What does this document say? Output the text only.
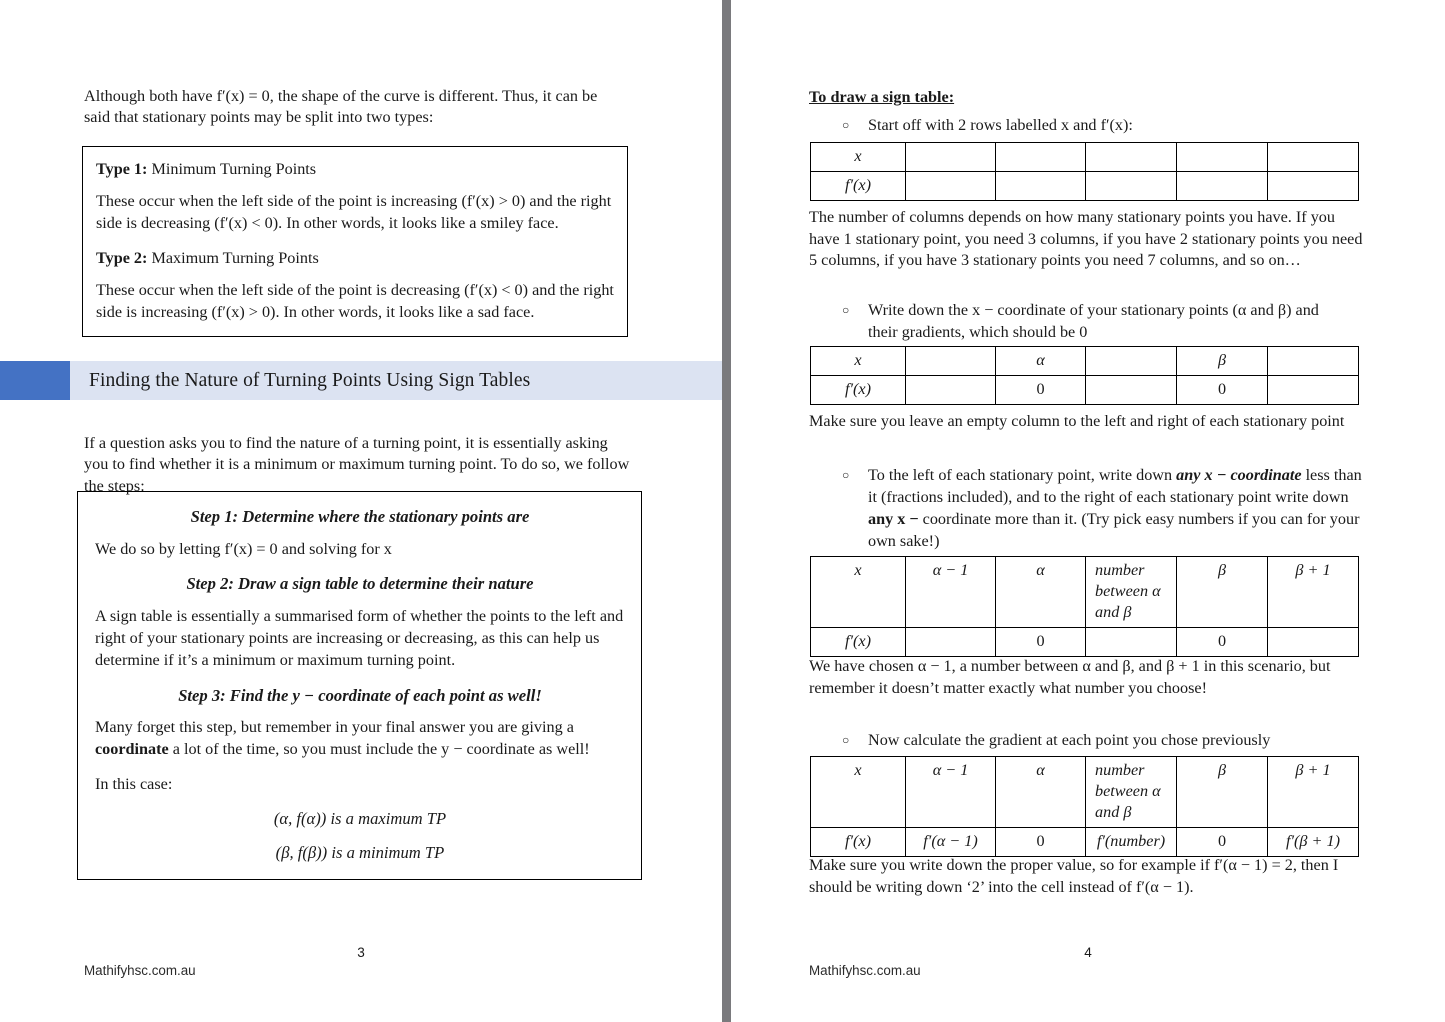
Although both have f′(x) = 0, the shape of the curve is different. Thus, it can be said that stationary points may be split into two types:

Type 1: Minimum Turning Points

These occur when the left side of the point is increasing (f′(x) > 0) and the right side is decreasing (f′(x) < 0). In other words, it looks like a smiley face.

Type 2: Maximum Turning Points

These occur when the left side of the point is decreasing (f′(x) < 0) and the right side is increasing (f′(x) > 0). In other words, it looks like a sad face.

Finding the Nature of Turning Points Using Sign Tables

If a question asks you to find the nature of a turning point, it is essentially asking you to find whether it is a minimum or maximum turning point. To do so, we follow the steps:

Step 1: Determine where the stationary points are

We do so by letting f′(x) = 0 and solving for x

Step 2: Draw a sign table to determine their nature

A sign table is essentially a summarised form of whether the points to the left and right of your stationary points are increasing or decreasing, as this can help us determine if it’s a minimum or maximum turning point.

Step 3: Find the y − coordinate of each point as well!

Many forget this step, but remember in your final answer you are giving a coordinate a lot of the time, so you must include the y − coordinate as well!

In this case:

(α, f(α)) is a maximum TP

(β, f(β)) is a minimum TP

3
Mathifyhsc.com.au
To draw a sign table:
○	Start off with 2 rows labelled x and f′(x):
x					
f′(x)					

The number of columns depends on how many stationary points you have. If you have 1 stationary point, you need 3 columns, if you have 2 stationary points you need 5 columns, if you have 3 stationary points you need 7 columns, and so on…

○	Write down the x − coordinate of your stationary points (α and β) and their gradients, which should be 0
x		α		β	
f′(x)		0		0	

Make sure you leave an empty column to the left and right of each stationary point

○	To the left of each stationary point, write down any x − coordinate less than it (fractions included), and to the right of each stationary point write down any x − coordinate more than it. (Try pick easy numbers if you can for your own sake!)
x	α − 1	α	number between α and β	β	β + 1
f′(x)		0		0	

We have chosen α − 1, a number between α and β, and β + 1 in this scenario, but remember it doesn’t matter exactly what number you choose!

○	Now calculate the gradient at each point you chose previously
x	α − 1	α	number between α and β	β	β + 1
f′(x)	f′(α − 1)	0	f′(number)	0	f′(β + 1)

Make sure you write down the proper value, so for example if f′(α − 1) = 2, then I should be writing down ‘2’ into the cell instead of f′(α − 1).

4
Mathifyhsc.com.au
